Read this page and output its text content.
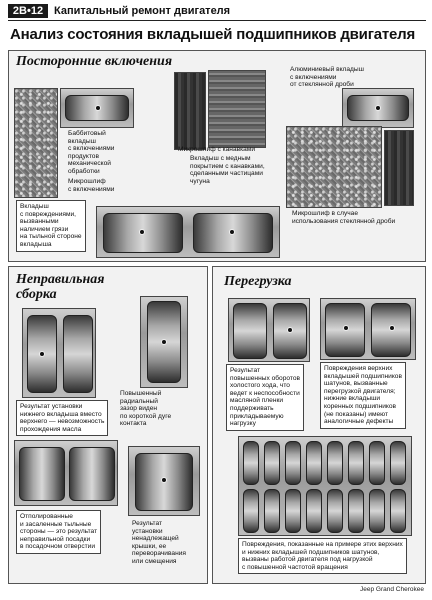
2B•12 Капитальный ремонт двигателя
Анализ состояния вкладышей подшипников двигателя
Посторонние включения
Баббитовый
вкладыш
с включениями
продуктов
механической
обработки
Микрошлиф
с включениями
Микрошлиф с канавками
Вкладыш с медным
покрытием с канавками,
сделанными частицами
чугуна
Алюминиевый вкладыш
с включениями
от стеклянной дроби
Микрошлиф в случае
использования стеклянной дроби
Вкладыш
с повреждениями,
вызванными
наличием грязи
на тыльной стороне
вкладыша
Неправильная
сборка
Результат установки
нижнего вкладыша вместо
верхнего — невозможность
прохождения масла
Повышенный
радиальный
зазор виден
по короткой дуге
контакта
Отполированные
и засаленные тыльные
стороны — это результат
неправильной посадки
в посадочном отверстии
Результат
установки
ненадлежащей
крышки, ее
переворачивания
или смещения
Перегрузка
Результат
повышенных оборотов
холостого хода, что
ведет к неспособности
масляной пленки
поддерживать
прикладываемую
нагрузку
Повреждения верхних
вкладышей подшипников
шатунов, вызванные
перегрузкой двигателя;
нижние вкладыши
коренных подшипников
(не показаны) имеют
аналогичные дефекты
Повреждения, показанные на примере этих верхних
и нижних вкладышей подшипников шатунов,
вызваны работой двигателя под нагрузкой
с повышенной частотой вращения
Jeep Grand Cherokee
